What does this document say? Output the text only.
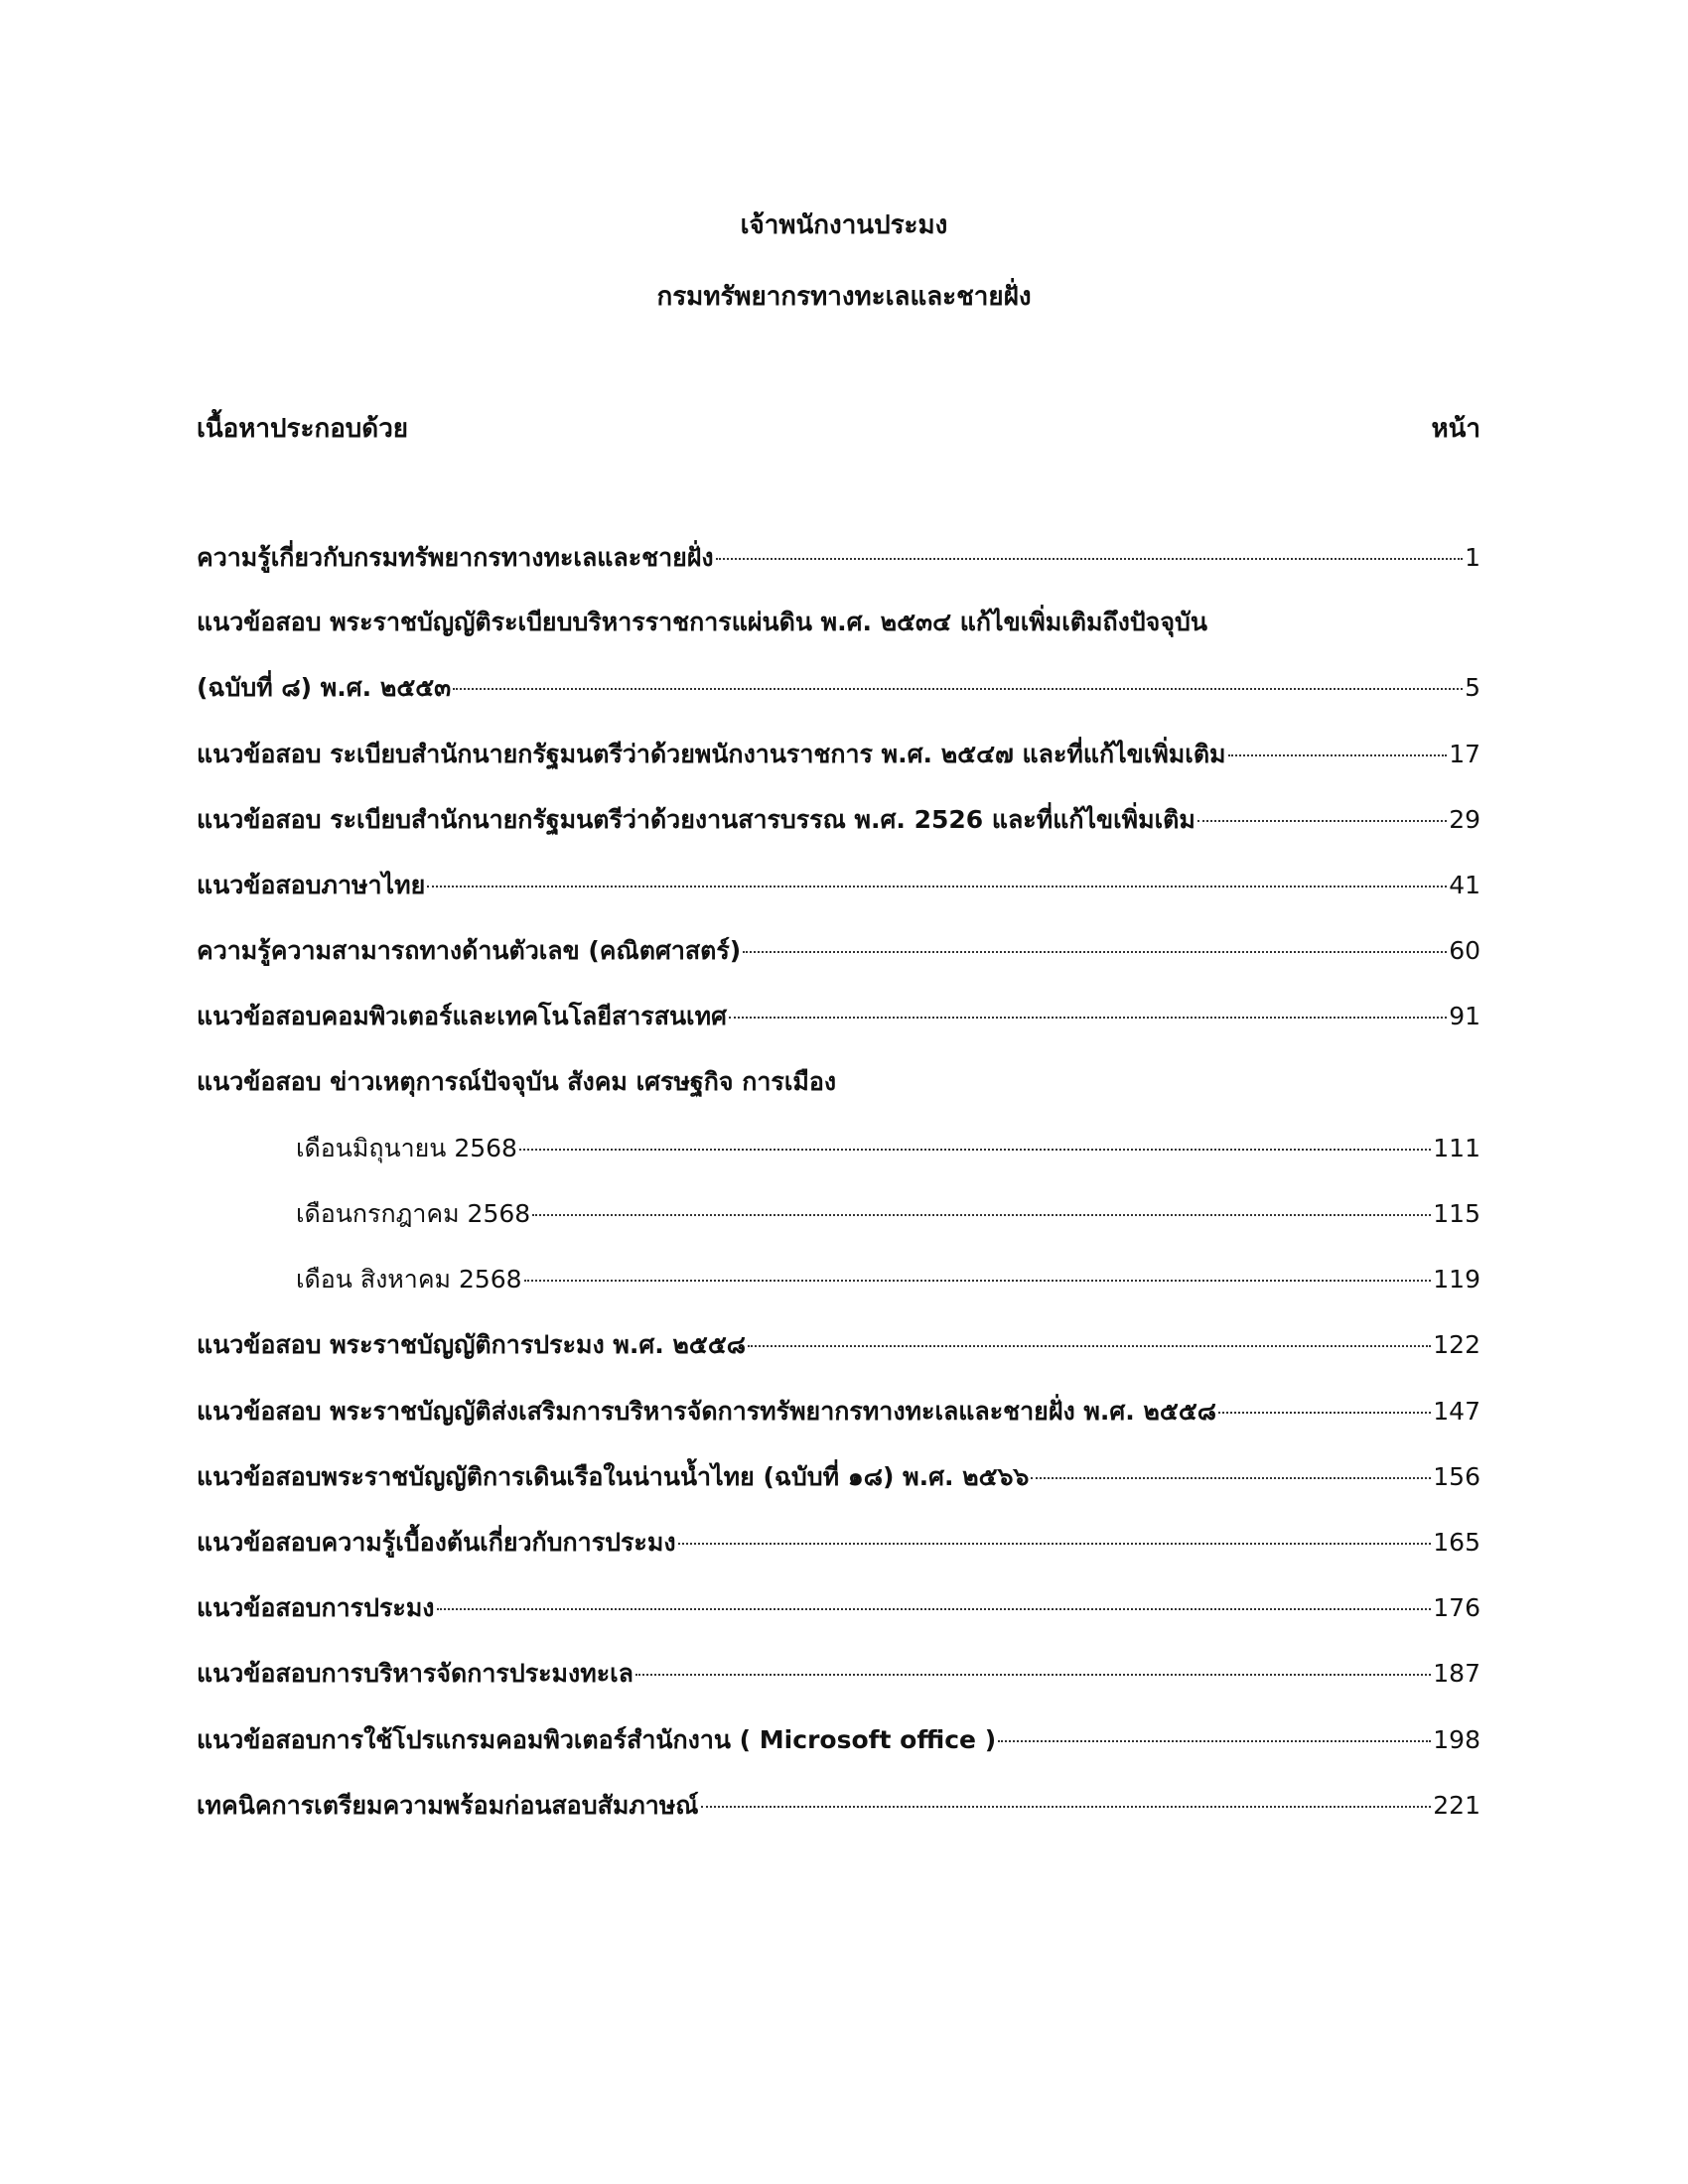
เจ้าพนักงานประมง
กรมทรัพยากรทางทะเลและชายฝั่ง
เนื้อหาประกอบด้วย	หน้า
ความรู้เกี่ยวกับกรมทรัพยากรทางทะเลและชายฝั่ง	1
แนวข้อสอบ พระราชบัญญัติระเบียบบริหารราชการแผ่นดิน พ.ศ. ๒๕๓๔ แก้ไขเพิ่มเติมถึงปัจจุบัน
(ฉบับที่ ๘) พ.ศ. ๒๕๕๓	5
แนวข้อสอบ ระเบียบสำนักนายกรัฐมนตรีว่าด้วยพนักงานราชการ พ.ศ. ๒๕๔๗ และที่แก้ไขเพิ่มเติม	17
แนวข้อสอบ ระเบียบสำนักนายกรัฐมนตรีว่าด้วยงานสารบรรณ พ.ศ. 2526 และที่แก้ไขเพิ่มเติม	29
แนวข้อสอบภาษาไทย	41
ความรู้ความสามารถทางด้านตัวเลข (คณิตศาสตร์)	60
แนวข้อสอบคอมพิวเตอร์และเทคโนโลยีสารสนเทศ	91
แนวข้อสอบ ข่าวเหตุการณ์ปัจจุบัน สังคม เศรษฐกิจ การเมือง
เดือนมิถุนายน 2568	111
เดือนกรกฎาคม 2568	115
เดือน สิงหาคม 2568	119
แนวข้อสอบ พระราชบัญญัติการประมง พ.ศ. ๒๕๕๘	122
แนวข้อสอบ พระราชบัญญัติส่งเสริมการบริหารจัดการทรัพยากรทางทะเลและชายฝั่ง พ.ศ. ๒๕๕๘	147
แนวข้อสอบพระราชบัญญัติการเดินเรือในน่านน้ำไทย (ฉบับที่ ๑๘) พ.ศ. ๒๕๖๖	156
แนวข้อสอบความรู้เบื้องต้นเกี่ยวกับการประมง	165
แนวข้อสอบการประมง	176
แนวข้อสอบการบริหารจัดการประมงทะเล	187
แนวข้อสอบการใช้โปรแกรมคอมพิวเตอร์สำนักงาน ( Microsoft office )	198
เทคนิคการเตรียมความพร้อมก่อนสอบสัมภาษณ์	221
